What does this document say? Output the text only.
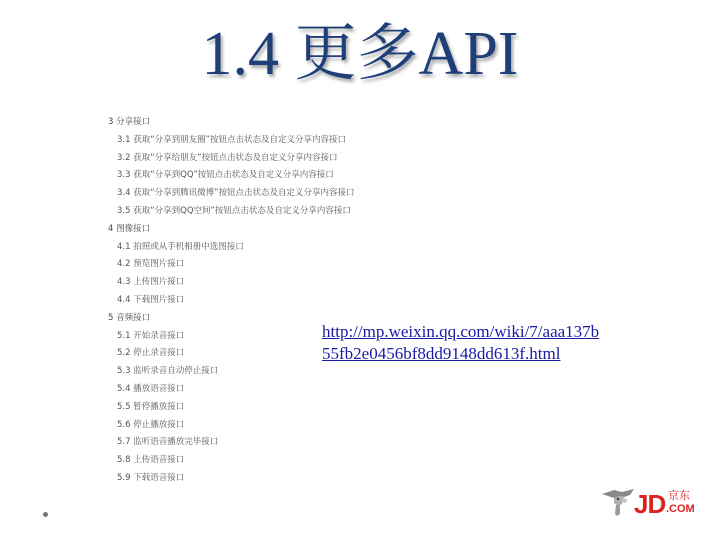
1.4 更多API
3 分享接口
3.1 获取“分享到朋友圈”按钮点击状态及自定义分享内容接口
3.2 获取“分享给朋友”按钮点击状态及自定义分享内容接口
3.3 获取“分享到QQ”按钮点击状态及自定义分享内容接口
3.4 获取“分享到腾讯微博”按钮点击状态及自定义分享内容接口
3.5 获取“分享到QQ空间”按钮点击状态及自定义分享内容接口
4 图像接口
4.1 拍照或从手机相册中选图接口
4.2 预览图片接口
4.3 上传图片接口
4.4 下载图片接口
5 音频接口
5.1 开始录音接口
5.2 停止录音接口
5.3 监听录音自动停止接口
5.4 播放语音接口
5.5 暂停播放接口
5.6 停止播放接口
5.7 监听语音播放完毕接口
5.8 上传语音接口
5.9 下载语音接口
http://mp.weixin.qq.com/wiki/7/aaa137b55fb2e0456bf8dd9148dd613f.html
JD 京东
.COM
